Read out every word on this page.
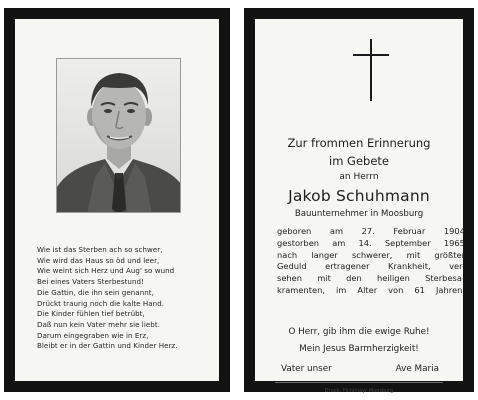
Wie ist das Sterben ach so schwer,
Wie wird das Haus so öd und leer,
Wie weint sich Herz und Aug' so wund
Bei eines Vaters Sterbestund!
Die Gattin, die ihn sein genannt,
Drückt traurig noch die kalte Hand.
Die Kinder fühlen tief betrübt,
Daß nun kein Vater mehr sie liebt.
Darum eingegraben wie in Erz,
Bleibt er in der Gattin und Kinder Herz.
Zur frommen Erinnerung
im Gebete
an Herrn
Jakob Schuhmann
Bauunternehmer in Moosburg
geboren am 27. Februar 1904
gestorben am 14. September 1965
nach langer schwerer, mit größter
Geduld ertragener Krankheit, ver-
sehen mit den heiligen Sterbesa-
kramenten, im Alter von 61 Jahren.
O Herr, gib ihm die ewige Ruhe!
Mein Jesus Barmherzigkeit!
Vater unser	Ave Maria
Druck: Pichlmayr Moosburg
